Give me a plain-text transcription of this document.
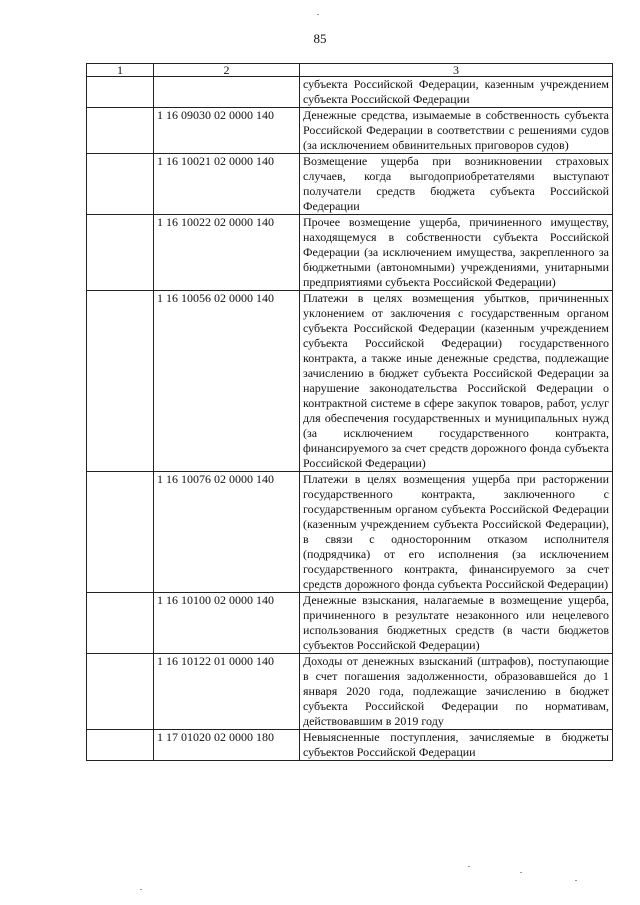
85
1	2	3
		субъекта Российской Федерации, казенным учреждением субъекта Российской Федерации
	1 16 09030 02 0000 140	Денежные средства, изымаемые в собственность субъекта Российской Федерации в соответствии с решениями судов (за исключением обвинительных приговоров судов)
	1 16 10021 02 0000 140	Возмещение ущерба при возникновении страховых случаев, когда выгодоприобретателями выступают получатели средств бюджета субъекта Российской Федерации
	1 16 10022 02 0000 140	Прочее возмещение ущерба, причиненного имуществу, находящемуся в собственности субъекта Российской Федерации (за исключением имущества, закрепленного за бюджетными (автономными) учреждениями, унитарными предприятиями субъекта Российской Федерации)
	1 16 10056 02 0000 140	Платежи в целях возмещения убытков, причиненных уклонением от заключения с государственным органом субъекта Российской Федерации (казенным учреждением субъекта Российской Федерации) государственного контракта, а также иные денежные средства, подлежащие зачислению в бюджет субъекта Российской Федерации за нарушение законодательства Российской Федерации о контрактной системе в сфере закупок товаров, работ, услуг для обеспечения государственных и муниципальных нужд (за исключением государственного контракта, финансируемого за счет средств дорожного фонда субъекта Российской Федерации)
	1 16 10076 02 0000 140	Платежи в целях возмещения ущерба при расторжении государственного контракта, заключенного с государственным органом субъекта Российской Федерации (казенным учреждением субъекта Российской Федерации), в связи с односторонним отказом исполнителя (подрядчика) от его исполнения (за исключением государственного контракта, финансируемого за счет средств дорожного фонда субъекта Российской Федерации)
	1 16 10100 02 0000 140	Денежные взыскания, налагаемые в возмещение ущерба, причиненного в результате незаконного или нецелевого использования бюджетных средств (в части бюджетов субъектов Российской Федерации)
	1 16 10122 01 0000 140	Доходы от денежных взысканий (штрафов), поступающие в счет погашения задолженности, образовавшейся до 1 января 2020 года, подлежащие зачислению в бюджет субъекта Российской Федерации по нормативам, действовавшим в 2019 году
	1 17 01020 02 0000 180	Невыясненные поступления, зачисляемые в бюджеты субъектов Российской Федерации
